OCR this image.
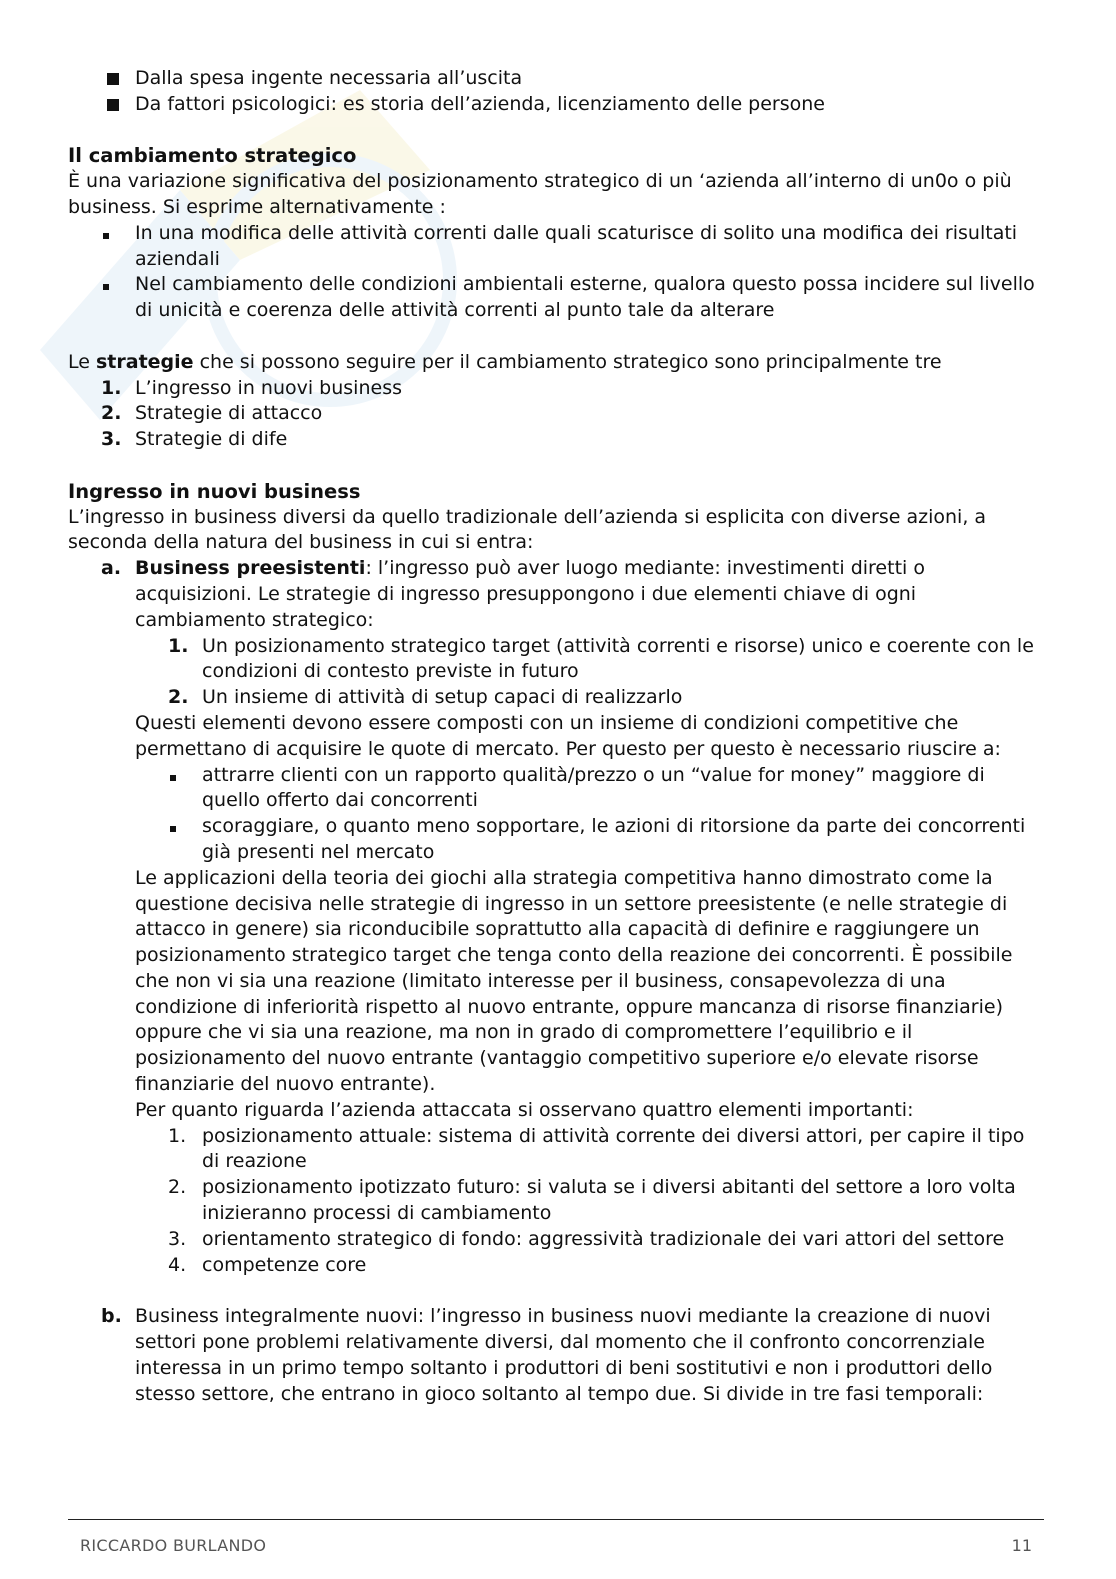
Dalla spesa ingente necessaria all’uscita
Da fattori psicologici: es storia dell’azienda, licenziamento delle persone

Il cambiamento strategico

È una variazione significativa del posizionamento strategico di un ‘azienda all’interno di un0o o più business. Si esprime alternativamente :

In una modifica delle attività correnti dalle quali scaturisce di solito una modifica dei risultati aziendali
Nel cambiamento delle condizioni ambientali esterne, qualora questo possa incidere sul livello di unicità e coerenza delle attività correnti al punto tale da alterare

Le strategie che si possono seguire per il cambiamento strategico sono principalmente tre

1. L’ingresso in nuovi business
2. Strategie di attacco
3. Strategie di dife

Ingresso in nuovi business

L’ingresso in business diversi da quello tradizionale dell’azienda si esplicita con diverse azioni, a seconda della natura del business in cui si entra:

a. Business preesistenti: l’ingresso può aver luogo mediante: investimenti diretti o acquisizioni. Le strategie di ingresso presuppongono i due elementi chiave di ogni cambiamento strategico:
1. Un posizionamento strategico target (attività correnti e risorse) unico e coerente con le condizioni di contesto previste in futuro
2. Un insieme di attività di setup capaci di realizzarlo

Questi elementi devono essere composti con un insieme di condizioni competitive che permettano di acquisire le quote di mercato. Per questo per questo è necessario riuscire a:

attrarre clienti con un rapporto qualità/prezzo o un “value for money” maggiore di quello offerto dai concorrenti
scoraggiare, o quanto meno sopportare, le azioni di ritorsione da parte dei concorrenti già presenti nel mercato

Le applicazioni della teoria dei giochi alla strategia competitiva hanno dimostrato come la questione decisiva nelle strategie di ingresso in un settore preesistente (e nelle strategie di attacco in genere) sia riconducibile soprattutto alla capacità di definire e raggiungere un posizionamento strategico target che tenga conto della reazione dei concorrenti. È possibile che non vi sia una reazione (limitato interesse per il business, consapevolezza di una condizione di inferiorità rispetto al nuovo entrante, oppure mancanza di risorse finanziarie) oppure che vi sia una reazione, ma non in grado di compromettere l’equilibrio e il posizionamento del nuovo entrante (vantaggio competitivo superiore e/o elevate risorse finanziarie del nuovo entrante).

Per quanto riguarda l’azienda attaccata si osservano quattro elementi importanti:

1. posizionamento attuale: sistema di attività corrente dei diversi attori, per capire il tipo di reazione
2. posizionamento ipotizzato futuro: si valuta se i diversi abitanti del settore a loro volta inizieranno processi di cambiamento
3. orientamento strategico di fondo: aggressività tradizionale dei vari attori del settore
4. competenze core
b. Business integralmente nuovi: l’ingresso in business nuovi mediante la creazione di nuovi settori pone problemi relativamente diversi, dal momento che il confronto concorrenziale interessa in un primo tempo soltanto i produttori di beni sostitutivi e non i produttori dello stesso settore, che entrano in gioco soltanto al tempo due. Si divide in tre fasi temporali:
RICCARDO BURLANDO	11
